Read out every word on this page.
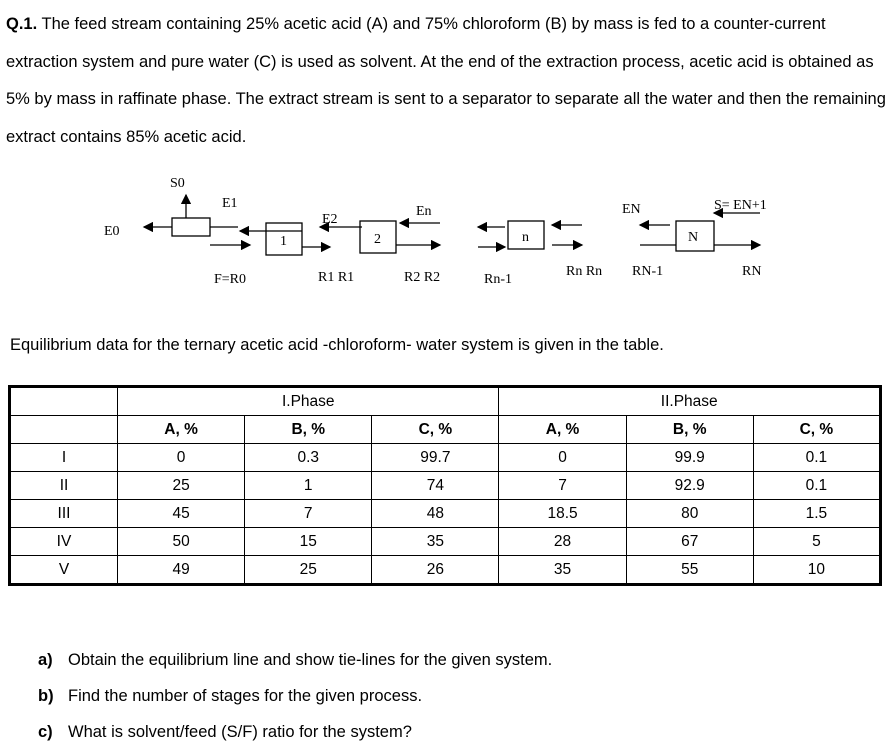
Q.1. The feed stream containing 25% acetic acid (A) and 75% chloroform (B) by mass is fed to a counter-current extraction system and pure water (C) is used as solvent. At the end of the extraction process, acetic acid is obtained as 5% by mass in raffinate phase. The extract stream is sent to a separator to separate all the water and then the remaining extract contains 85% acetic acid.
S0
E0
E1
E2
En	EN	S= EN+1
F=R0	R1 R1	R2 R2	Rn-1
Rn Rn RN-1	RN
1	2	n	N
Equilibrium data for the ternary acetic acid -chloroform- water system is given in the table.
	I.Phase			II.Phase		
	A, %	B, %	C, %	A, %	B, %	C, %
I	0	0.3	99.7	0	99.9	0.1
II	25	1	74	7	92.9	0.1
III	45	7	48	18.5	80	1.5
IV	50	15	35	28	67	5
V	49	25	26	35	55	10
a) Obtain the equilibrium line and show tie-lines for the given system.
b) Find the number of stages for the given process.
c) What is solvent/feed (S/F) ratio for the system?
